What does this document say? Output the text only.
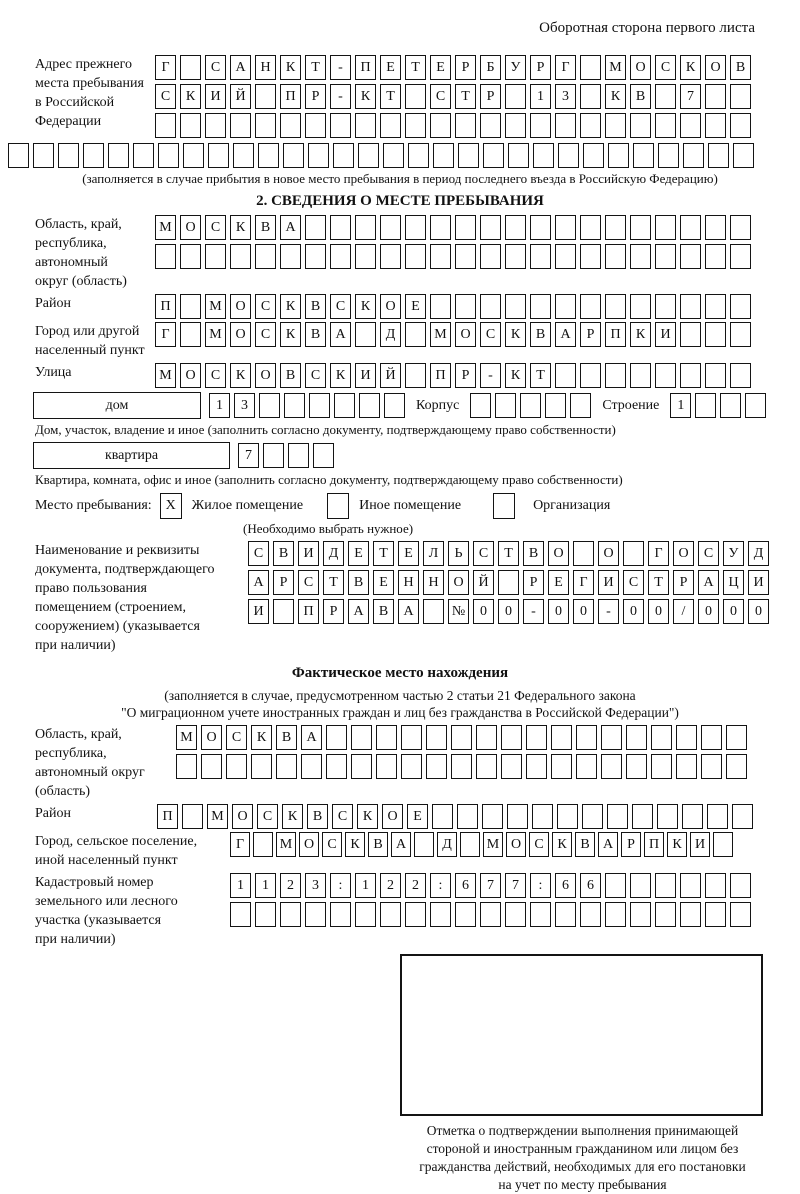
Оборотная сторона первого листа
Адрес прежнего
места пребывания
в Российской
Федерации
Г	С	А	Н	К	Т	-	П	Е	Т	Е	Р	Б	У	Р	Г	М О	С	К	О	В
С	К	И	Й	П	Р	-	К	Т	С	Т	Р	1	3	К	В	7
(заполняется в случае прибытия в новое место пребывания в период последнего въезда в Российскую Федерацию)
2. СВЕДЕНИЯ О МЕСТЕ ПРЕБЫВАНИЯ
Область, край,
республика,
автономный
округ (область)
М О	С	К	В	А
Район	П	М О	С	К	В	С	К	О	Е
Город или другой
населенный пункт
Г	М О	С	К	В	А	Д	М О	С	К	В	А	Р	П	К	И
Улица	М О	С	К	О	В	С	К	И	Й	П	Р	-	К	Т
дом	1	3	Корпус	Строение	1
Дом, участок, владение и иное (заполнить согласно документу, подтверждающему право собственности)
квартира	7
Квартира, комната, офис и иное (заполнить согласно документу, подтверждающему право собственности)
Место пребывания: X	Жилое помещение	Иное помещение	Организация
(Необходимо выбрать нужное)
Наименование и реквизиты
документа, подтверждающего
право пользования
помещением (строением,
сооружением) (указывается
при наличии)
С	В	И	Д	Е	Т	Е	Л	Ь	С	Т	В	О	О	Г	О	С	У	Д
А	Р	С	Т	В	Е	Н	Н	О	Й	Р	Е	Г	И	С	Т	Р	А	Ц	И
И	П	Р	А	В	А	№	0	0	-	0	0	-	0	0	/	0	0	0
Фактическое место нахождения
(заполняется в случае, предусмотренном частью 2 статьи 21 Федерального закона
"О миграционном учете иностранных граждан и лиц без гражданства в Российской Федерации")
Область, край,
республика,
автономный округ
(область)
М О	С	К	В	А
Район	П	М О	С	К	В	С	К	О	Е
Город, сельское поселение,
иной населенный пункт
Г	М О С К В А	Д	М О С К В А	Р	П К И
Кадастровый номер
земельного или лесного
участка (указывается
при наличии)
1	1	2	3	:	1	2	2	:	6	7	7	:	6	6
Отметка о подтверждении выполнения принимающей
стороной и иностранным гражданином или лицом без
гражданства действий, необходимых для его постановки
на учет по месту пребывания
